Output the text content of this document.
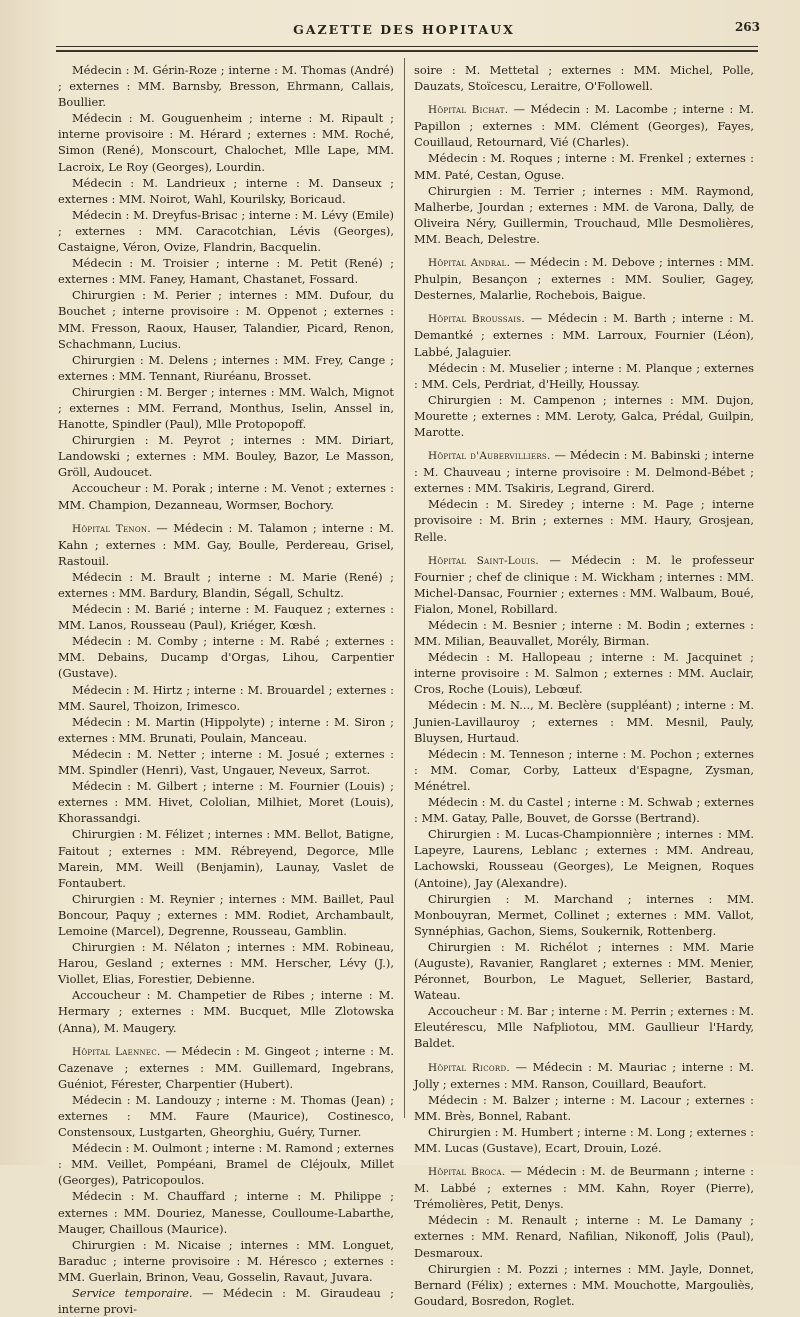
GAZETTE DES HOPITAUX	263

Médecin : M. Gérin-Roze ; interne : M. Thomas (André) ; externes : MM. Barnsby, Bresson, Ehrmann, Callais, Boullier.

Médecin : M. Gouguenheim ; interne : M. Ripault ; interne provisoire : M. Hérard ; externes : MM. Roché, Simon (René), Monscourt, Chalochet, Mlle Lape, MM. Lacroix, Le Roy (Georges), Lourdin.

Médecin : M. Landrieux ; interne : M. Danseux ; externes : MM. Noirot, Wahl, Kourilsky, Boricaud.

Médecin : M. Dreyfus-Brisac ; interne : M. Lévy (Emile) ; externes : MM. Caracotchian, Lévis (Georges), Castaigne, Véron, Ovize, Flandrin, Bacquelin.

Médecin : M. Troisier ; interne : M. Petit (René) ; externes : MM. Faney, Hamant, Chastanet, Fossard.

Chirurgien : M. Perier ; internes : MM. Dufour, du Bouchet ; interne provisoire : M. Oppenot ; externes : MM. Fresson, Raoux, Hauser, Talandier, Picard, Renon, Schachmann, Lucius.

Chirurgien : M. Delens ; internes : MM. Frey, Cange ; externes : MM. Tennant, Riuréanu, Brosset.

Chirurgien : M. Berger ; internes : MM. Walch, Mignot ; externes : MM. Ferrand, Monthus, Iselin, Anssel in, Hanotte, Spindler (Paul), Mlle Protopopoff.

Chirurgien : M. Peyrot ; internes : MM. Diriart, Landowski ; externes : MM. Bouley, Bazor, Le Masson, Gröll, Audoucet.

Accoucheur : M. Porak ; interne : M. Venot ; externes : MM. Champion, Dezanneau, Wormser, Bochory.

Hôpital Tenon. — Médecin : M. Talamon ; interne : M. Kahn ; externes : MM. Gay, Boulle, Perdereau, Grisel, Rastouil.

Médecin : M. Brault ; interne : M. Marie (René) ; externes : MM. Bardury, Blandin, Ségall, Schultz.

Médecin : M. Barié ; interne : M. Fauquez ; externes : MM. Lanos, Rousseau (Paul), Kriéger, Kœsh.

Médecin : M. Comby ; interne : M. Rabé ; externes : MM. Debains, Ducamp d'Orgas, Lihou, Carpentier (Gustave).

Médecin : M. Hirtz ; interne : M. Brouardel ; externes : MM. Saurel, Thoizon, Irimesco.

Médecin : M. Martin (Hippolyte) ; interne : M. Siron ; externes : MM. Brunati, Poulain, Manceau.

Médecin : M. Netter ; interne : M. Josué ; externes : MM. Spindler (Henri), Vast, Ungauer, Neveux, Sarrot.

Médecin : M. Gilbert ; interne : M. Fournier (Louis) ; externes : MM. Hivet, Cololian, Milhiet, Moret (Louis), Khorassandgi.

Chirurgien : M. Félizet ; internes : MM. Bellot, Batigne, Faitout ; externes : MM. Rébreyend, Degorce, Mlle Marein, MM. Weill (Benjamin), Launay, Vaslet de Fontaubert.

Chirurgien : M. Reynier ; internes : MM. Baillet, Paul Boncour, Paquy ; externes : MM. Rodiet, Archambault, Lemoine (Marcel), Degrenne, Rousseau, Gamblin.

Chirurgien : M. Nélaton ; internes : MM. Robineau, Harou, Gesland ; externes : MM. Herscher, Lévy (J.), Viollet, Elias, Forestier, Debienne.

Accoucheur : M. Champetier de Ribes ; interne : M. Hermary ; externes : MM. Bucquet, Mlle Zlotowska (Anna), M. Maugery.

Hôpital Laennec. — Médecin : M. Gingeot ; interne : M. Cazenave ; externes : MM. Guillemard, Ingebrans, Guéniot, Férester, Charpentier (Hubert).

Médecin : M. Landouzy ; interne : M. Thomas (Jean) ; externes : MM. Faure (Maurice), Costinesco, Constensoux, Lustgarten, Gheorghiu, Guéry, Turner.

Médecin : M. Oulmont ; interne : M. Ramond ; externes : MM. Veillet, Pompéani, Bramel de Cléjoulx, Millet (Georges), Patricopoulos.

Médecin : M. Chauffard ; interne : M. Philippe ; externes : MM. Douriez, Manesse, Coulloume-Labarthe, Mauger, Chaillous (Maurice).

Chirurgien : M. Nicaise ; internes : MM. Longuet, Baraduc ; interne provisoire : M. Héresco ; externes : MM. Guerlain, Brinon, Veau, Gosselin, Ravaut, Juvara.

Service temporaire. — Médecin : M. Giraudeau ; interne provi-

soire : M. Mettetal ; externes : MM. Michel, Polle, Dauzats, Stoïcescu, Leraitre, O'Followell.

Hôpital Bichat. — Médecin : M. Lacombe ; interne : M. Papillon ; externes : MM. Clément (Georges), Fayes, Couillaud, Retournard, Vié (Charles).

Médecin : M. Roques ; interne : M. Frenkel ; externes : MM. Paté, Cestan, Oguse.

Chirurgien : M. Terrier ; internes : MM. Raymond, Malherbe, Jourdan ; externes : MM. de Varona, Dally, de Oliveira Néry, Guillermin, Trouchaud, Mlle Desmolières, MM. Beach, Delestre.

Hôpital Andral. — Médecin : M. Debove ; internes : MM. Phulpin, Besançon ; externes : MM. Soulier, Gagey, Desternes, Malarlie, Rochebois, Baigue.

Hôpital Broussais. — Médecin : M. Barth ; interne : M. Demantké ; externes : MM. Larroux, Fournier (Léon), Labbé, Jalaguier.

Médecin : M. Muselier ; interne : M. Planque ; externes : MM. Cels, Perdriat, d'Heilly, Houssay.

Chirurgien : M. Campenon ; internes : MM. Dujon, Mourette ; externes : MM. Leroty, Galca, Prédal, Guilpin, Marotte.

Hôpital d'Aubervilliers. — Médecin : M. Babinski ; interne : M. Chauveau ; interne provisoire : M. Delmond-Bébet ; externes : MM. Tsakiris, Legrand, Girerd.

Médecin : M. Siredey ; interne : M. Page ; interne provisoire : M. Brin ; externes : MM. Haury, Grosjean, Relle.

Hôpital Saint-Louis. — Médecin : M. le professeur Fournier ; chef de clinique : M. Wickham ; internes : MM. Michel-Dansac, Fournier ; externes : MM. Walbaum, Boué, Fialon, Monel, Robillard.

Médecin : M. Besnier ; interne : M. Bodin ; externes : MM. Milian, Beauvallet, Morély, Birman.

Médecin : M. Hallopeau ; interne : M. Jacquinet ; interne provisoire : M. Salmon ; externes : MM. Auclair, Cros, Roche (Louis), Lebœuf.

Médecin : M. N..., M. Beclère (suppléant) ; interne : M. Junien-Lavillauroy ; externes : MM. Mesnil, Pauly, Bluysen, Hurtaud.

Médecin : M. Tenneson ; interne : M. Pochon ; externes : MM. Comar, Corby, Latteux d'Espagne, Zysman, Ménétrel.

Médecin : M. du Castel ; interne : M. Schwab ; externes : MM. Gatay, Palle, Bouvet, de Gorsse (Bertrand).

Chirurgien : M. Lucas-Championnière ; internes : MM. Lapeyre, Laurens, Leblanc ; externes : MM. Andreau, Lachowski, Rousseau (Georges), Le Meignen, Roques (Antoine), Jay (Alexandre).

Chirurgien : M. Marchand ; internes : MM. Monbouyran, Mermet, Collinet ; externes : MM. Vallot, Synnéphias, Gachon, Siems, Soukernik, Rottenberg.

Chirurgien : M. Richélot ; internes : MM. Marie (Auguste), Ravanier, Ranglaret ; externes : MM. Menier, Péronnet, Bourbon, Le Maguet, Sellerier, Bastard, Wateau.

Accoucheur : M. Bar ; interne : M. Perrin ; externes : M. Eleutérescu, Mlle Nafpliotou, MM. Gaullieur l'Hardy, Baldet.

Hôpital Ricord. — Médecin : M. Mauriac ; interne : M. Jolly ; externes : MM. Ranson, Couillard, Beaufort.

Médecin : M. Balzer ; interne : M. Lacour ; externes : MM. Brès, Bonnel, Rabant.

Chirurgien : M. Humbert ; interne : M. Long ; externes : MM. Lucas (Gustave), Ecart, Drouin, Lozé.

Hôpital Broca. — Médecin : M. de Beurmann ; interne : M. Labbé ; externes : MM. Kahn, Royer (Pierre), Trémolières, Petit, Denys.

Médecin : M. Renault ; interne : M. Le Damany ; externes : MM. Renard, Nafilian, Nikonoff, Jolis (Paul), Desmaroux.

Chirurgien : M. Pozzi ; internes : MM. Jayle, Donnet, Bernard (Félix) ; externes : MM. Mouchotte, Margouliès, Goudard, Bosredon, Roglet.
